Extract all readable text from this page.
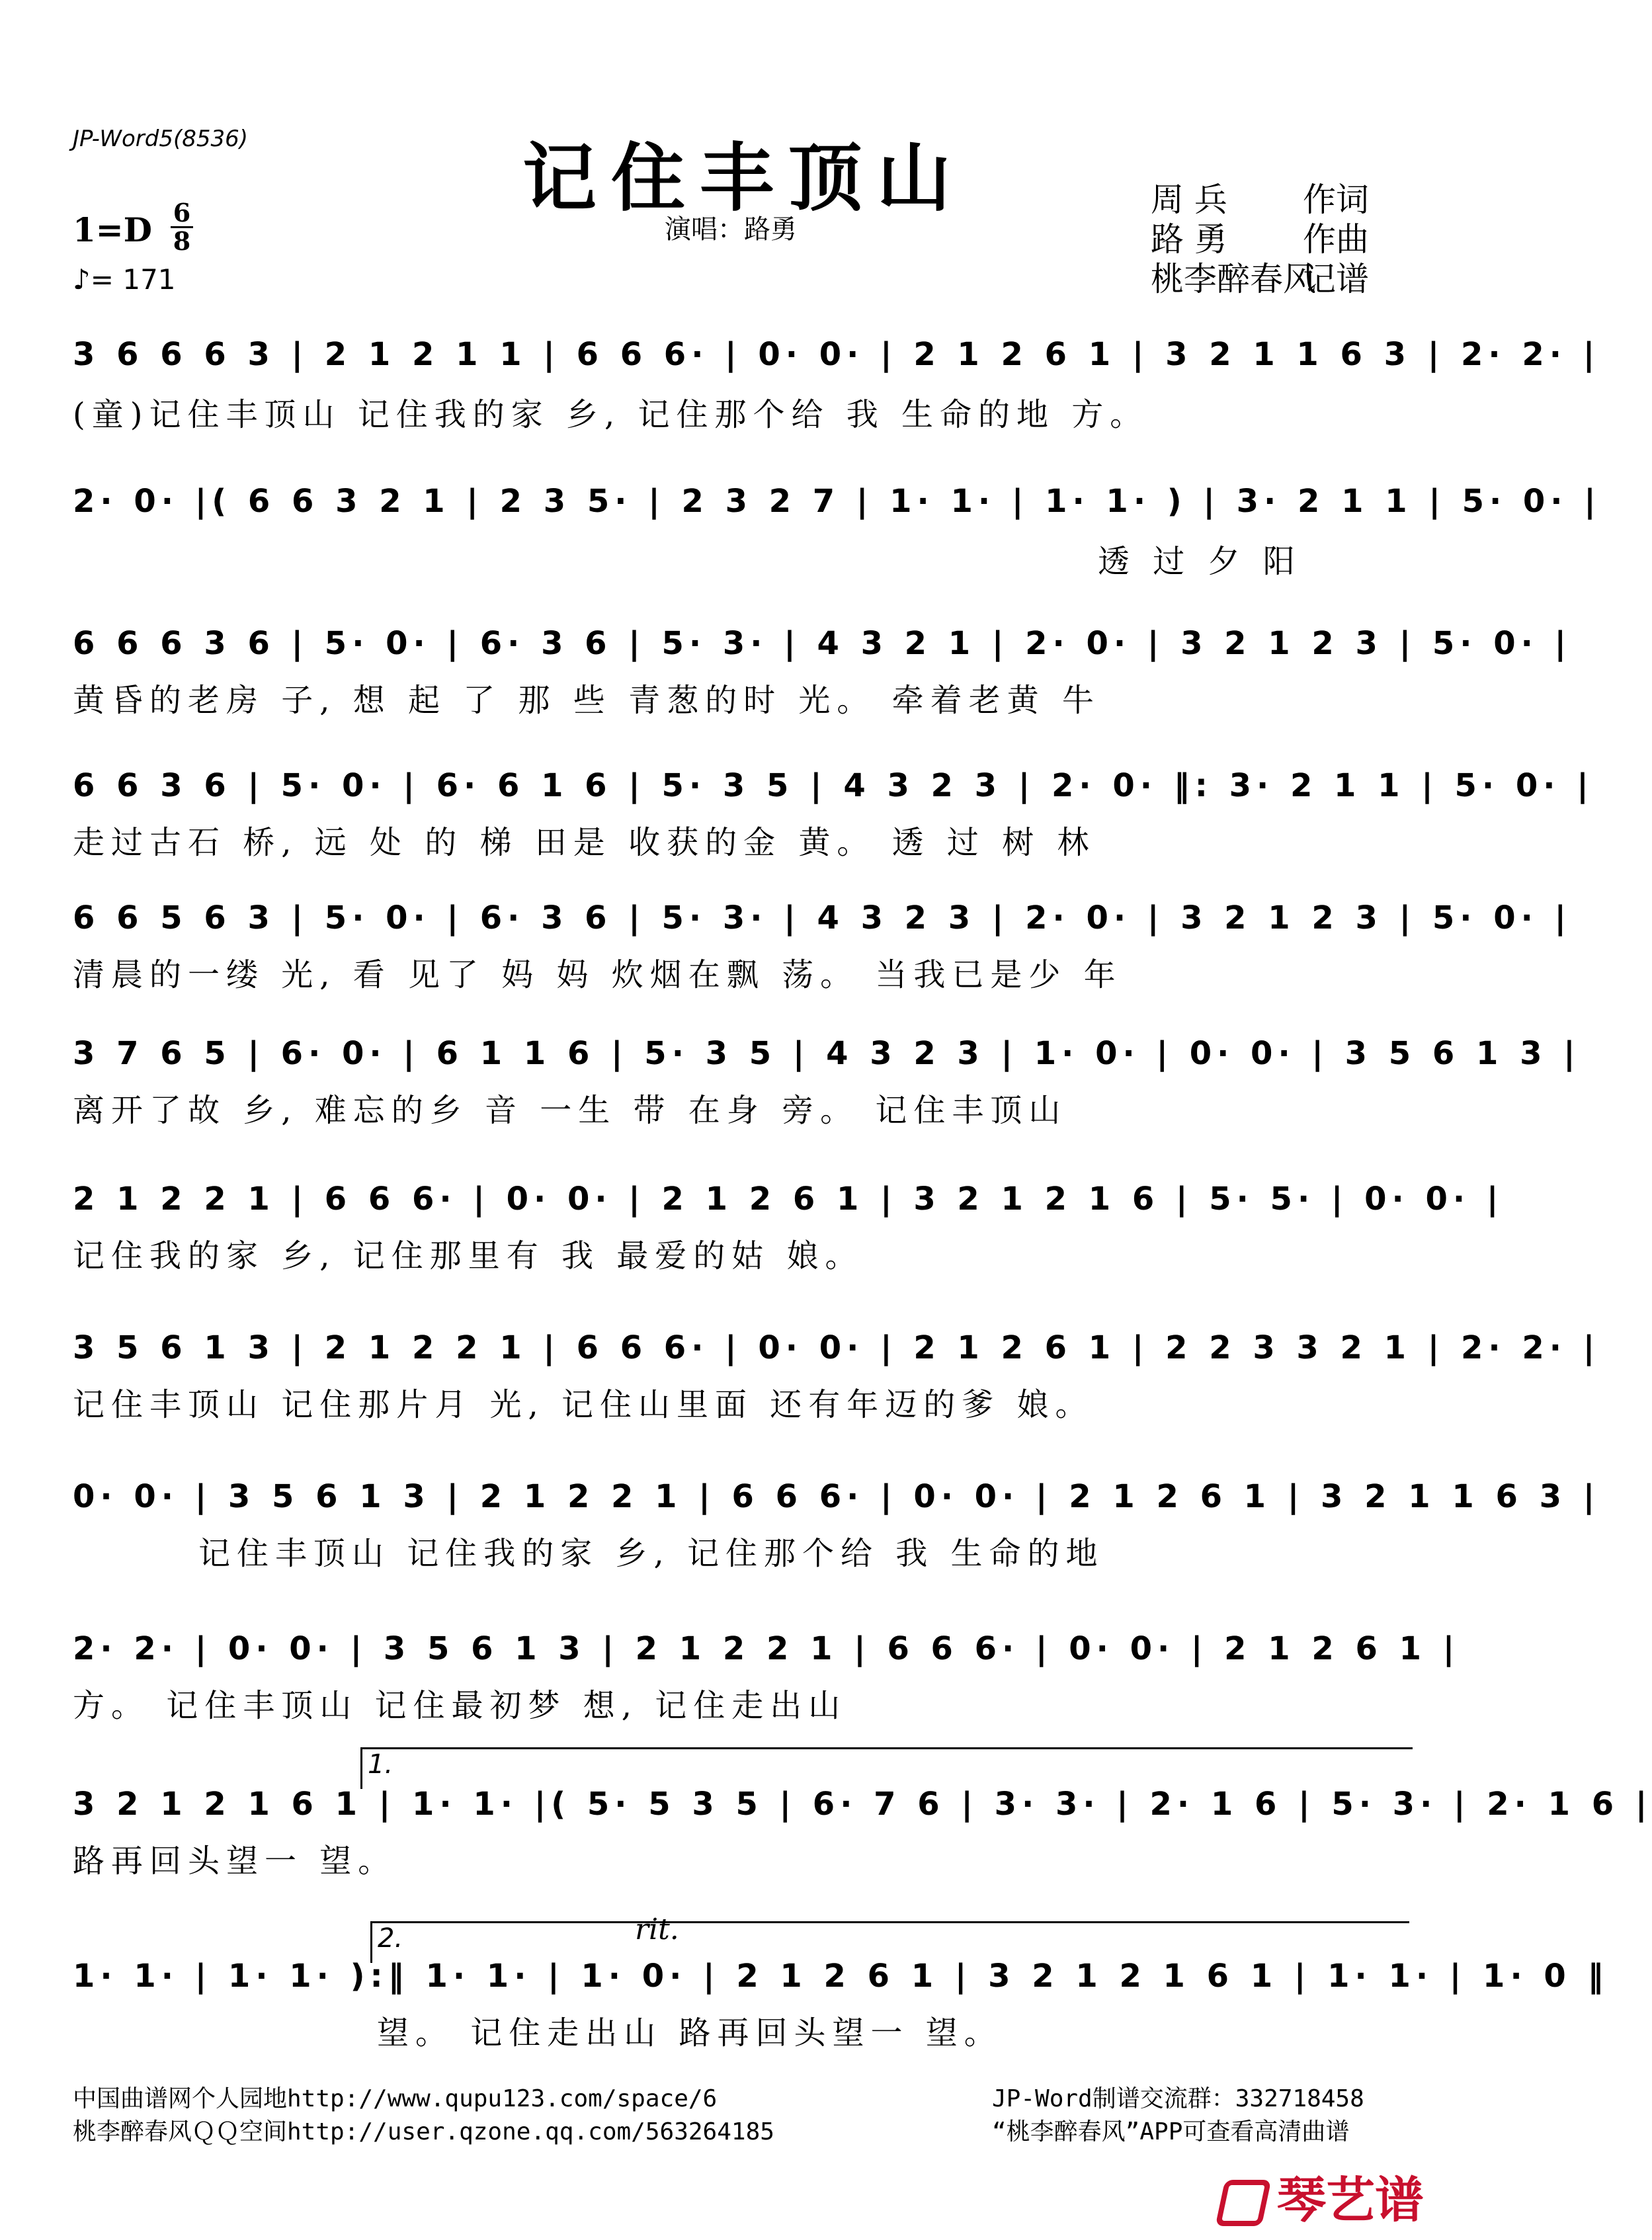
JP-Word5(8536)	记住丰顶山
演唱：路勇
1=D 6
8
♪= 171
周 兵 作词
路 勇 作曲
桃李醉春风
记谱
3 6 6 6 3 | 2 1 2 1 1 | 6 6 6· | 0· 0· | 2 1 2 6 1 | 3 2 1 1 6 3 | 2· 2· |
(童)记住丰顶山 记住我的家 乡, 记住那个给 我 生命的地 方。
2· 0· |( 6 6 3 2 1 | 2 3 5· | 2 3 2 7 | 1· 1· | 1· 1· ) | 3· 2 1 1 | 5· 0· |
透 过 夕 阳
6 6 6 3 6 | 5· 0· | 6· 3 6 | 5· 3· | 4 3 2 1 | 2· 0· | 3 2 1 2 3 | 5· 0· |
黄昏的老房 子, 想 起 了 那 些 青葱的时 光。 牵着老黄 牛
6 6 3 6 | 5· 0· | 6· 6 1 6 | 5· 3 5 | 4 3 2 3 | 2· 0· ‖: 3· 2 1 1 | 5· 0· |
走过古石 桥, 远 处 的 梯 田是 收获的金 黄。 透 过 树 林
6 6 5 6 3 | 5· 0· | 6· 3 6 | 5· 3· | 4 3 2 3 | 2· 0· | 3 2 1 2 3 | 5· 0· |
清晨的一缕 光, 看 见了 妈 妈 炊烟在飘 荡。 当我已是少 年
3 7 6 5 | 6· 0· | 6 1 1 6 | 5· 3 5 | 4 3 2 3 | 1· 0· | 0· 0· | 3 5 6 1 3 |
离开了故 乡, 难忘的乡 音 一生 带 在身 旁。 记住丰顶山
2 1 2 2 1 | 6 6 6· | 0· 0· | 2 1 2 6 1 | 3 2 1 2 1 6 | 5· 5· | 0· 0· |
记住我的家 乡, 记住那里有 我 最爱的姑 娘。
3 5 6 1 3 | 2 1 2 2 1 | 6 6 6· | 0· 0· | 2 1 2 6 1 | 2 2 3 3 2 1 | 2· 2· |
记住丰顶山 记住那片月 光, 记住山里面 还有年迈的爹 娘。
0· 0· | 3 5 6 1 3 | 2 1 2 2 1 | 6 6 6· | 0· 0· | 2 1 2 6 1 | 3 2 1 1 6 3 |
记住丰顶山 记住我的家 乡, 记住那个给 我 生命的地
2· 2· | 0· 0· | 3 5 6 1 3 | 2 1 2 2 1 | 6 6 6· | 0· 0· | 2 1 2 6 1 |
方。 记住丰顶山 记住最初梦 想, 记住走出山
1.
3 2 1 2 1 6 1 | 1· 1· |( 5· 5 3 5 | 6· 7 6 | 3· 3· | 2· 1 6 | 5· 3· | 2· 1 6 |
路再回头望一 望。
2.	rit.
1· 1· | 1· 1· ):‖ 1· 1· | 1· 0· | 2 1 2 6 1 | 3 2 1 2 1 6 1 | 1· 1· | 1· 0 ‖
望。 记住走出山 路再回头望一 望。
中国曲谱网个人园地http://www.qupu123.com/space/6
桃李醉春风ＱＱ空间http://user.qzone.qq.com/563264185
JP-Word制谱交流群：332718458
“桃李醉春风”APP可查看高清曲谱
琴艺谱
